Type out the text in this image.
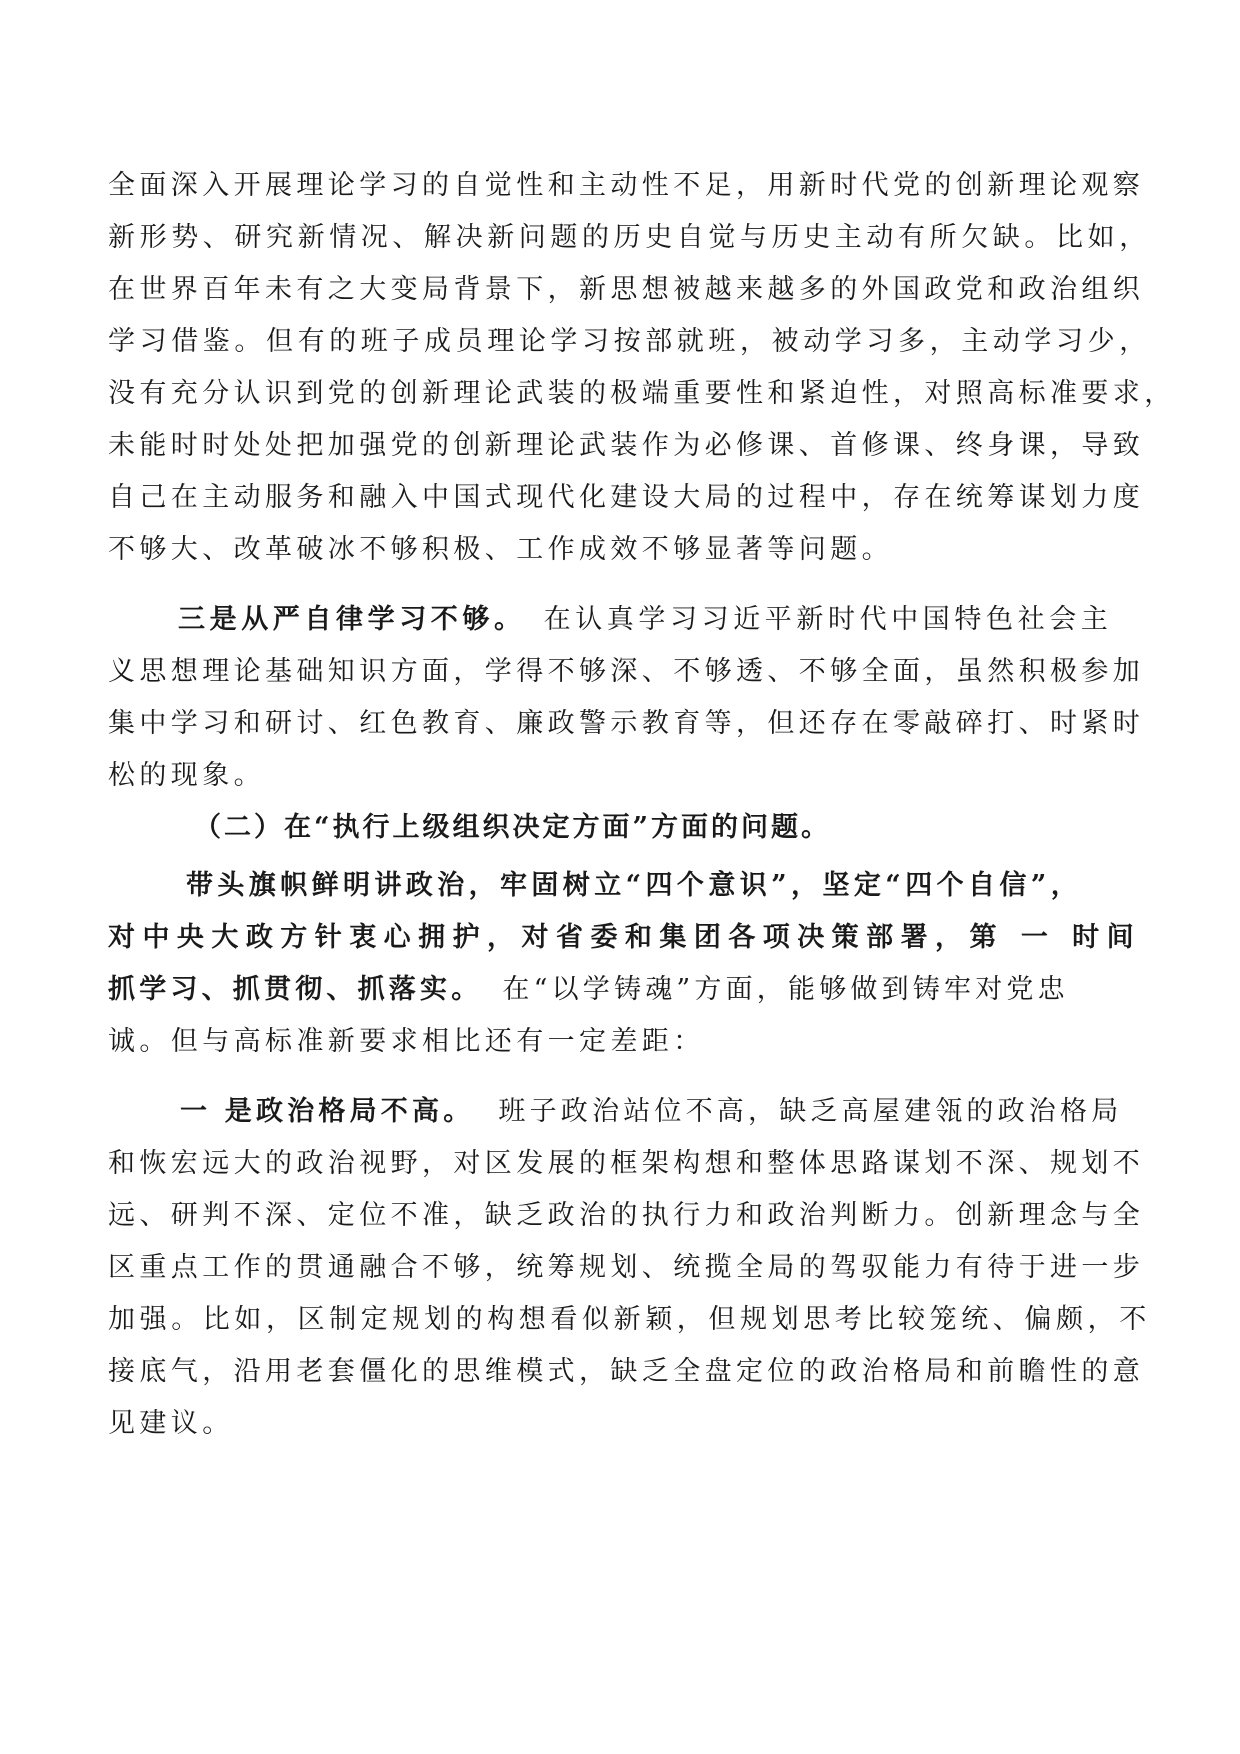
全面深入开展理论学习的自觉性和主动性不足，用新时代党的创新理论观察
新形势、研究新情况、解决新问题的历史自觉与历史主动有所欠缺。比如，
在世界百年未有之大变局背景下，新思想被越来越多的外国政党和政治组织
学习借鉴。但有的班子成员理论学习按部就班，被动学习多，主动学习少，
没有充分认识到党的创新理论武装的极端重要性和紧迫性，对照高标准要求，
未能时时处处把加强党的创新理论武装作为必修课、首修课、终身课，导致
自己在主动服务和融入中国式现代化建设大局的过程中，存在统筹谋划力度
不够大、改革破冰不够积极、工作成效不够显著等问题。
三是从严自律学习不够。 在认真学习习近平新时代中国特色社会主
义思想理论基础知识方面，学得不够深、不够透、不够全面，虽然积极参加
集中学习和研讨、红色教育、廉政警示教育等，但还存在零敲碎打、时紧时
松的现象。
（二）在“执行上级组织决定方面”方面的问题。
带头旗帜鲜明讲政治，牢固树立“四个意识”，坚定“四个自信”，
对中央大政方针衷心拥护，对省委和集团各项决策部署，第 一 时间
抓学习、抓贯彻、抓落实。 在“以学铸魂”方面，能够做到铸牢对党忠
诚。但与高标准新要求相比还有一定差距：
一 是政治格局不高。 班子政治站位不高，缺乏高屋建瓴的政治格局
和恢宏远大的政治视野，对区发展的框架构想和整体思路谋划不深、规划不
远、研判不深、定位不准，缺乏政治的执行力和政治判断力。创新理念与全
区重点工作的贯通融合不够，统筹规划、统揽全局的驾驭能力有待于进一步
加强。比如，区制定规划的构想看似新颖，但规划思考比较笼统、偏颇，不
接底气，沿用老套僵化的思维模式，缺乏全盘定位的政治格局和前瞻性的意
见建议。
